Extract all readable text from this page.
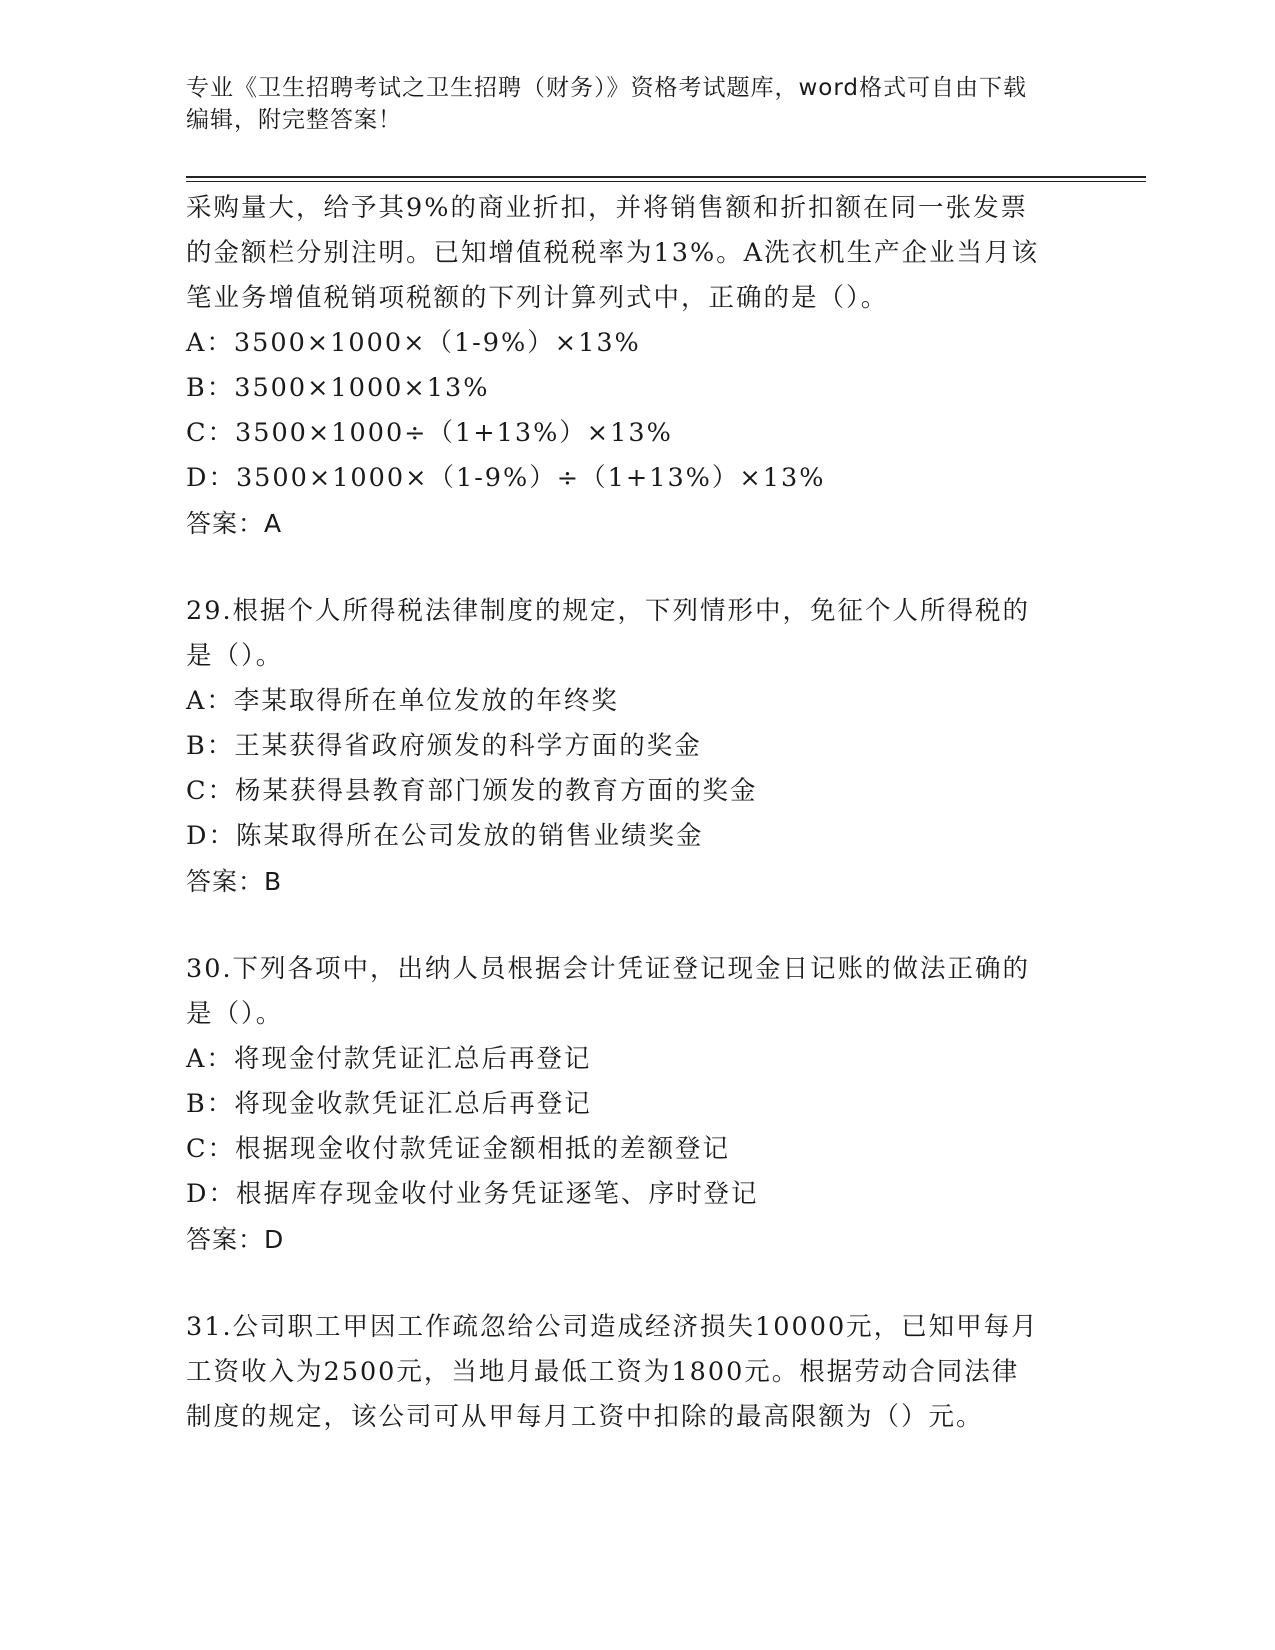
专业《卫生招聘考试之卫生招聘（财务）》资格考试题库，word格式可自由下载
编辑，附完整答案！
采购量大，给予其9%的商业折扣，并将销售额和折扣额在同一张发票
的金额栏分别注明。已知增值税税率为13%。A洗衣机生产企业当月该
笔业务增值税销项税额的下列计算列式中，正确的是（）。
A：3500×1000×（1-9%）×13%
B：3500×1000×13%
C：3500×1000÷（1+13%）×13%
D：3500×1000×（1-9%）÷（1+13%）×13%
答案：A
29.根据个人所得税法律制度的规定，下列情形中，免征个人所得税的
是（）。
A：李某取得所在单位发放的年终奖
B：王某获得省政府颁发的科学方面的奖金
C：杨某获得县教育部门颁发的教育方面的奖金
D：陈某取得所在公司发放的销售业绩奖金
答案：B
30.下列各项中，出纳人员根据会计凭证登记现金日记账的做法正确的
是（）。
A：将现金付款凭证汇总后再登记
B：将现金收款凭证汇总后再登记
C：根据现金收付款凭证金额相抵的差额登记
D：根据库存现金收付业务凭证逐笔、序时登记
答案：D
31.公司职工甲因工作疏忽给公司造成经济损失10000元，已知甲每月
工资收入为2500元，当地月最低工资为1800元。根据劳动合同法律
制度的规定，该公司可从甲每月工资中扣除的最高限额为（）元。
